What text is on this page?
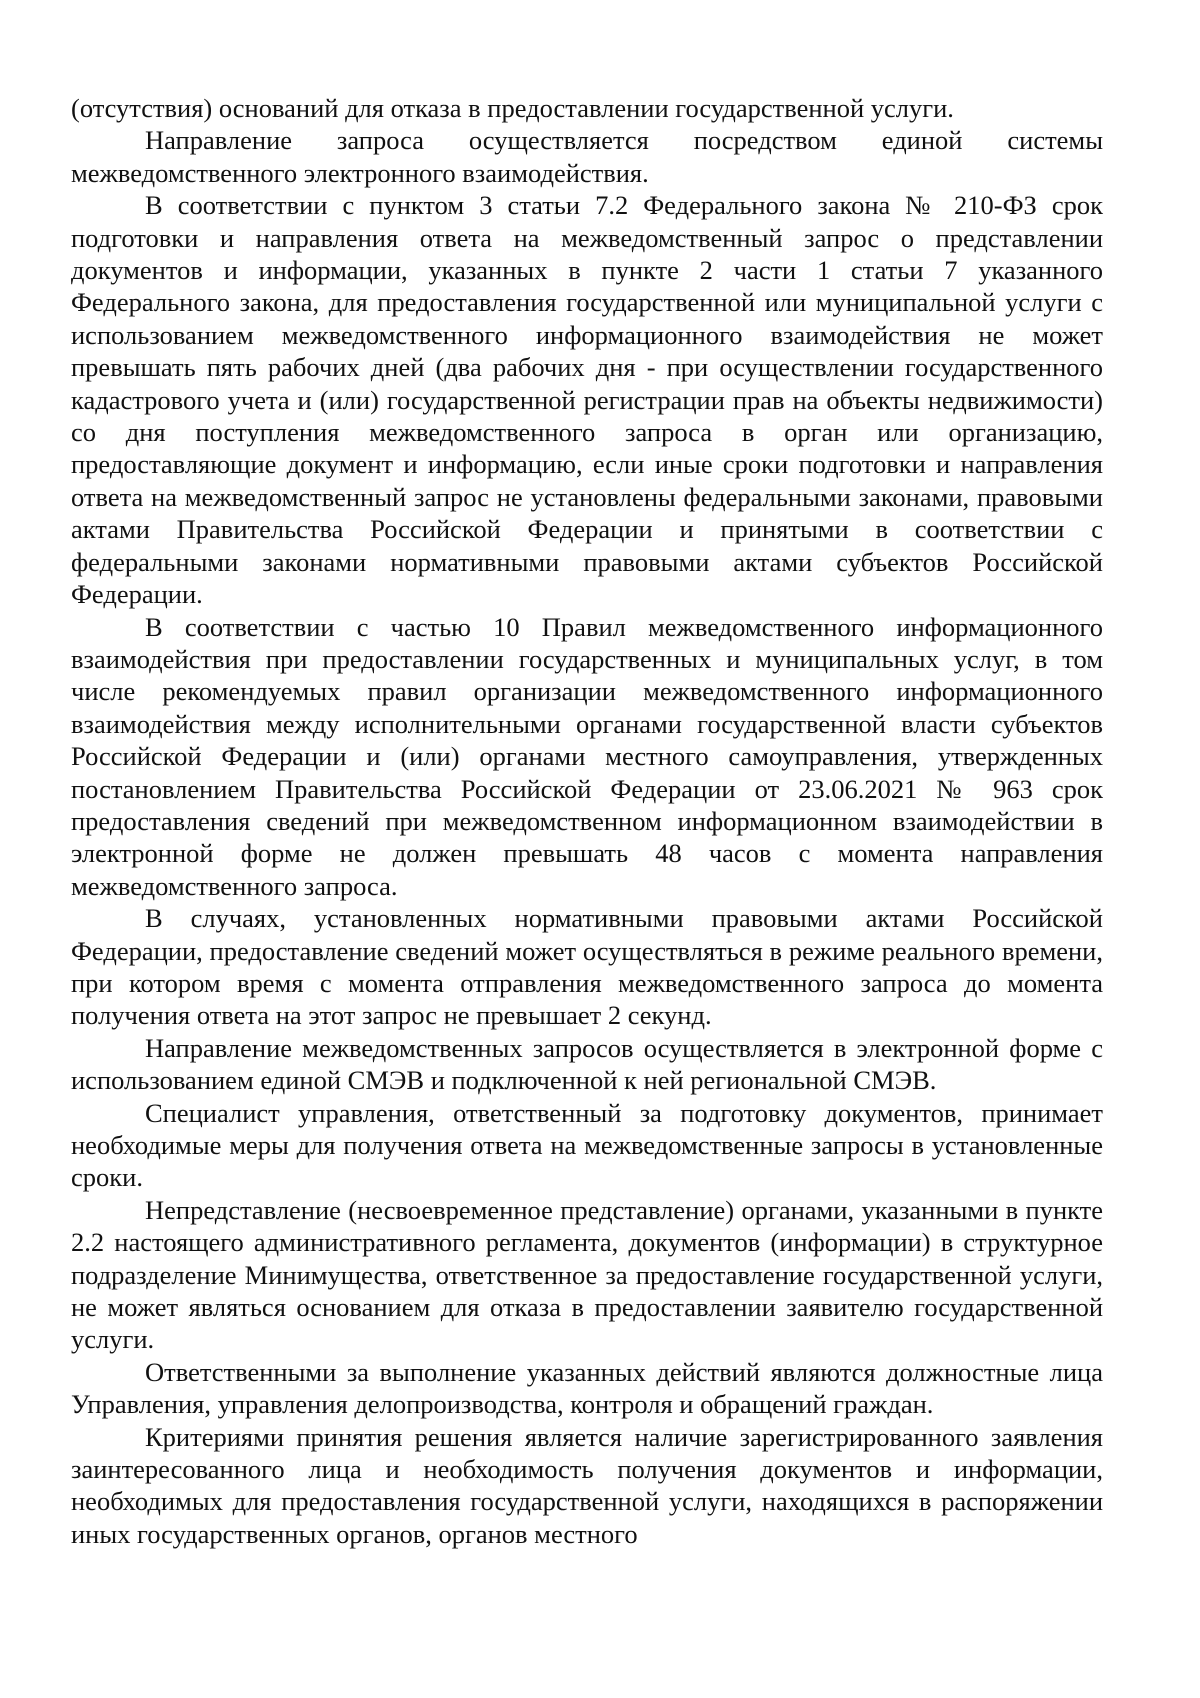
(отсутствия) оснований для отказа в предоставлении государственной услуги.

Направление запроса осуществляется посредством единой системы межведомственного электронного взаимодействия.

В соответствии с пунктом 3 статьи 7.2 Федерального закона № 210-ФЗ срок подготовки и направления ответа на межведомственный запрос о представлении документов и информации, указанных в пункте 2 части 1 статьи 7 указанного Федерального закона, для предоставления государственной или муниципальной услуги с использованием межведомственного информационного взаимодействия не может превышать пять рабочих дней (два рабочих дня - при осуществлении государственного кадастрового учета и (или) государственной регистрации прав на объекты недвижимости) со дня поступления межведомственного запроса в орган или организацию, предоставляющие документ и информацию, если иные сроки подготовки и направления ответа на межведомственный запрос не установлены федеральными законами, правовыми актами Правительства Российской Федерации и принятыми в соответствии с федеральными законами нормативными правовыми актами субъектов Российской Федерации.

В соответствии с частью 10 Правил межведомственного информационного взаимодействия при предоставлении государственных и муниципальных услуг, в том числе рекомендуемых правил организации межведомственного информационного взаимодействия между исполнительными органами государственной власти субъектов Российской Федерации и (или) органами местного самоуправления, утвержденных постановлением Правительства Российской Федерации от 23.06.2021 № 963 срок предоставления сведений при межведомственном информационном взаимодействии в электронной форме не должен превышать 48 часов с момента направления межведомственного запроса.

В случаях, установленных нормативными правовыми актами Российской Федерации, предоставление сведений может осуществляться в режиме реального времени, при котором время с момента отправления межведомственного запроса до момента получения ответа на этот запрос не превышает 2 секунд.

Направление межведомственных запросов осуществляется в электронной форме с использованием единой СМЭВ и подключенной к ней региональной СМЭВ.

Специалист управления, ответственный за подготовку документов, принимает необходимые меры для получения ответа на межведомственные запросы в установленные сроки.

Непредставление (несвоевременное представление) органами, указанными в пункте 2.2 настоящего административного регламента, документов (информации) в структурное подразделение Минимущества, ответственное за предоставление государственной услуги, не может являться основанием для отказа в предоставлении заявителю государственной услуги.

Ответственными за выполнение указанных действий являются должностные лица Управления, управления делопроизводства, контроля и обращений граждан.

Критериями принятия решения является наличие зарегистрированного заявления заинтересованного лица и необходимость получения документов и информации, необходимых для предоставления государственной услуги, находящихся в распоряжении иных государственных органов, органов местного
